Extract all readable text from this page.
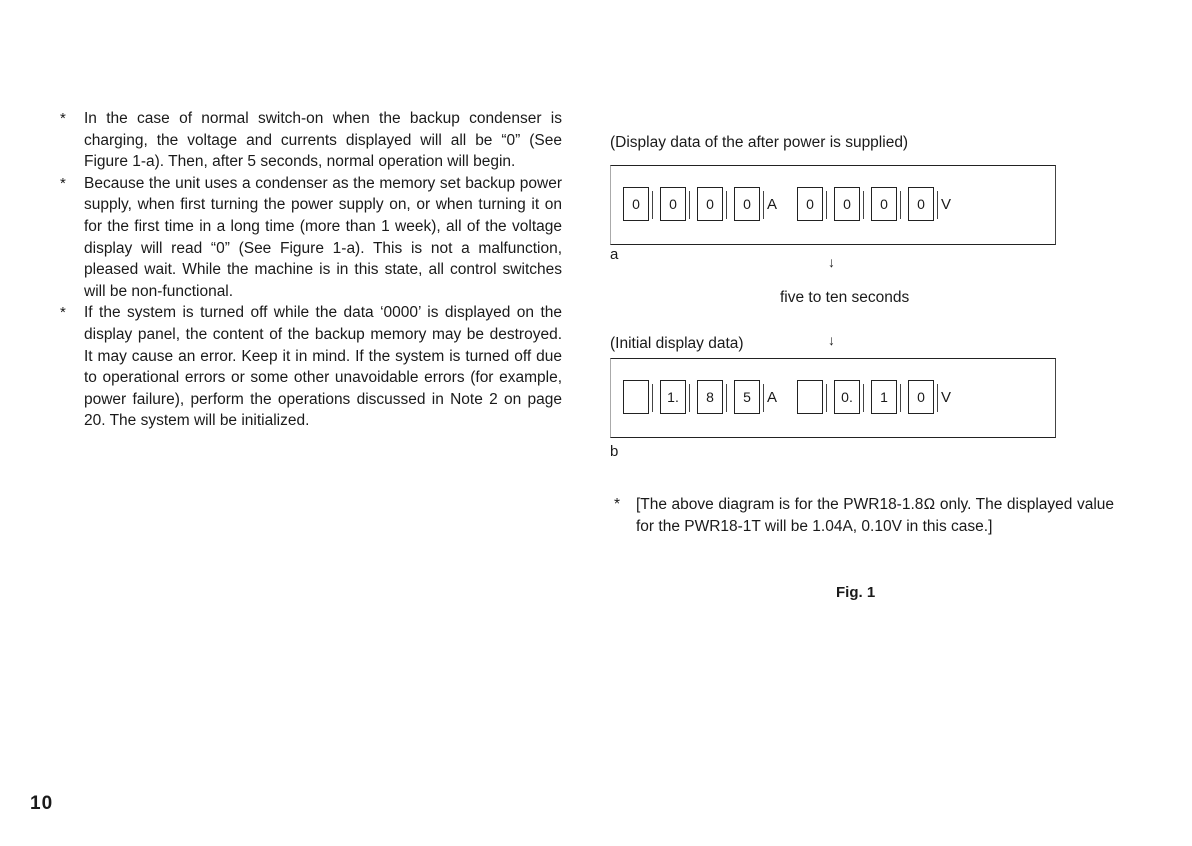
* In the case of normal switch-on when the backup condenser is charging, the voltage and currents displayed will all be “0” (See Figure 1-a). Then, after 5 seconds, normal operation will begin.
* Because the unit uses a condenser as the memory set backup power supply, when first turning the power supply on, or when turning it on for the first time in a long time (more than 1 week), all of the voltage display will read “0” (See Figure 1-a). This is not a malfunction, pleased wait. While the machine is in this state, all control switches will be non-functional.
* If the system is turned off while the data ‘0000’ is displayed on the display panel, the content of the backup memory may be destroyed. It may cause an error. Keep it in mind. If the system is turned off due to operational errors or some other unavoidable errors (for example, power failure), perform the operations discussed in Note 2 on page 20. The system will be initialized.
(Display data of the after power is supplied)
0	0	0	0	A	0	0	0	0	V
a	↓
five to ten seconds
(Initial display data)	↓
1.	8	5	A	0.	1	0	V
b
* [The above diagram is for the PWR18-1.8Ω only. The displayed value for the PWR18-1T will be 1.04A, 0.10V in this case.]
Fig. 1
10
